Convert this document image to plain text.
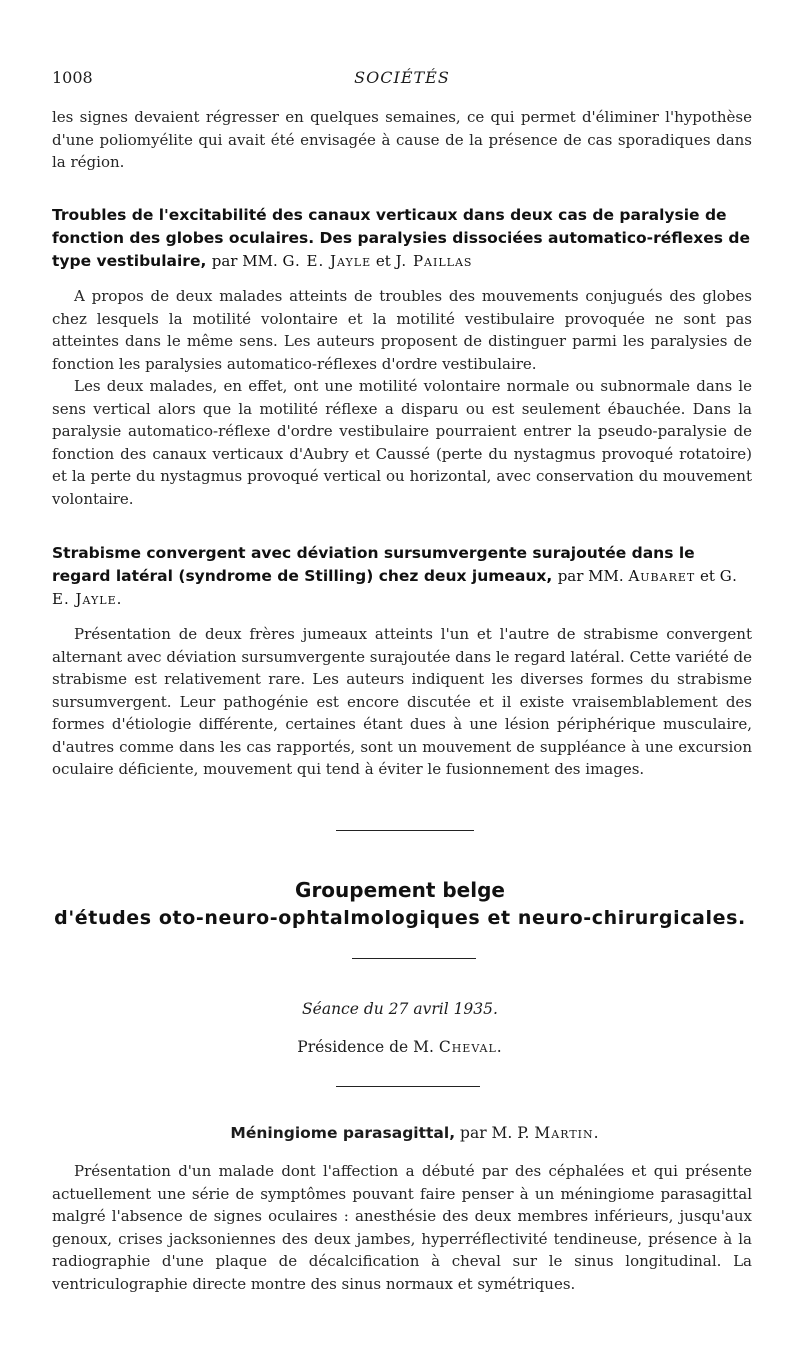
1008	SOCIÉTÉS

les signes devaient régresser en quelques semaines, ce qui permet d'éliminer l'hypothèse d'une poliomyélite qui avait été envisagée à cause de la présence de cas sporadiques dans la région.

Troubles de l'excitabilité des canaux verticaux dans deux cas de paralysie de fonction des globes oculaires. Des paralysies dissociées automatico-réflexes de type vestibulaire, par MM. G. E. Jayle et J. Paillas

A propos de deux malades atteints de troubles des mouvements conjugués des globes chez lesquels la motilité volontaire et la motilité vestibulaire provoquée ne sont pas atteintes dans le même sens. Les auteurs proposent de distinguer parmi les paralysies de fonction les paralysies automatico-réflexes d'ordre vestibulaire.

Les deux malades, en effet, ont une motilité volontaire normale ou subnormale dans le sens vertical alors que la motilité réflexe a disparu ou est seulement ébauchée. Dans la paralysie automatico-réflexe d'ordre vestibulaire pourraient entrer la pseudo-paralysie de fonction des canaux verticaux d'Aubry et Caussé (perte du nystagmus provoqué rotatoire) et la perte du nystagmus provoqué vertical ou horizontal, avec conservation du mouvement volontaire.

Strabisme convergent avec déviation sursumvergente surajoutée dans le regard latéral (syndrome de Stilling) chez deux jumeaux, par MM. Aubaret et G. E. Jayle.

Présentation de deux frères jumeaux atteints l'un et l'autre de strabisme convergent alternant avec déviation sursumvergente surajoutée dans le regard latéral. Cette variété de strabisme est relativement rare. Les auteurs indiquent les diverses formes du strabisme sursumvergent. Leur pathogénie est encore discutée et il existe vraisemblablement des formes d'étiologie différente, certaines étant dues à une lésion périphérique musculaire, d'autres comme dans les cas rapportés, sont un mouvement de suppléance à une excursion oculaire déficiente, mouvement qui tend à éviter le fusionnement des images.

Groupement belge
d'études oto-neuro-ophtalmologiques et neuro-chirurgicales.
Séance du 27 avril 1935.
Présidence de M. Cheval.
Méningiome parasagittal, par M. P. Martin.

Présentation d'un malade dont l'affection a débuté par des céphalées et qui présente actuellement une série de symptômes pouvant faire penser à un méningiome parasagittal malgré l'absence de signes oculaires : anesthésie des deux membres inférieurs, jusqu'aux genoux, crises jacksoniennes des deux jambes, hyperréflectivité tendineuse, présence à la radiographie d'une plaque de décalcification à cheval sur le sinus longitudinal. La ventriculographie directe montre des sinus normaux et symétriques.
